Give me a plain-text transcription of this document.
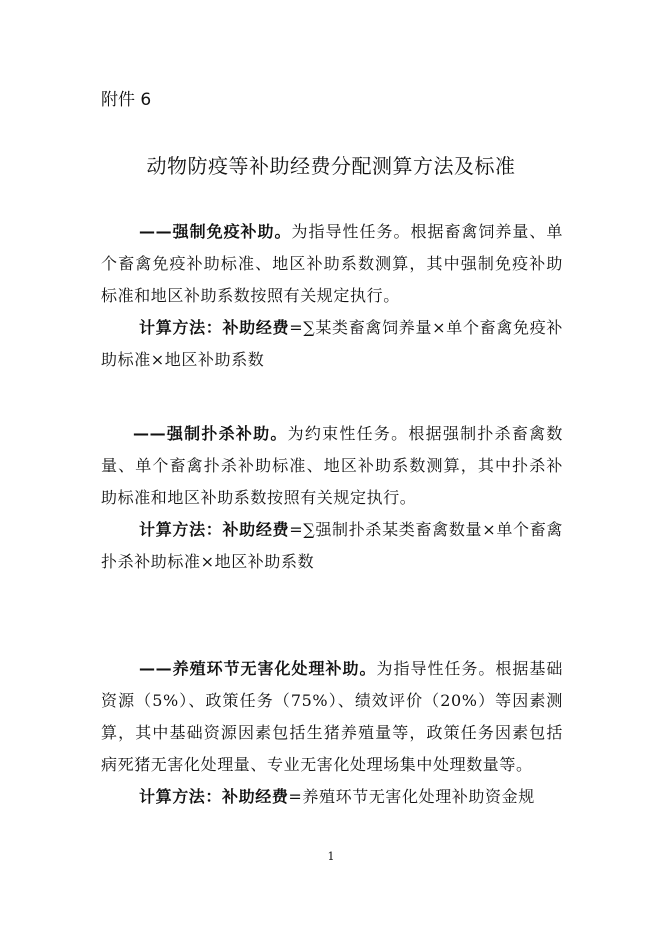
附件 6
动物防疫等补助经费分配测算方法及标准

——强制免疫补助。为指导性任务。根据畜禽饲养量、单个畜禽免疫补助标准、地区补助系数测算，其中强制免疫补助标准和地区补助系数按照有关规定执行。

计算方法：补助经费=∑某类畜禽饲养量×单个畜禽免疫补助标准×地区补助系数

——强制扑杀补助。为约束性任务。根据强制扑杀畜禽数量、单个畜禽扑杀补助标准、地区补助系数测算，其中扑杀补助标准和地区补助系数按照有关规定执行。

计算方法：补助经费=∑强制扑杀某类畜禽数量×单个畜禽扑杀补助标准×地区补助系数

——养殖环节无害化处理补助。为指导性任务。根据基础资源（5%）、政策任务（75%）、绩效评价（20%）等因素测算，其中基础资源因素包括生猪养殖量等，政策任务因素包括病死猪无害化处理量、专业无害化处理场集中处理数量等。

计算方法：补助经费=养殖环节无害化处理补助资金规

1
